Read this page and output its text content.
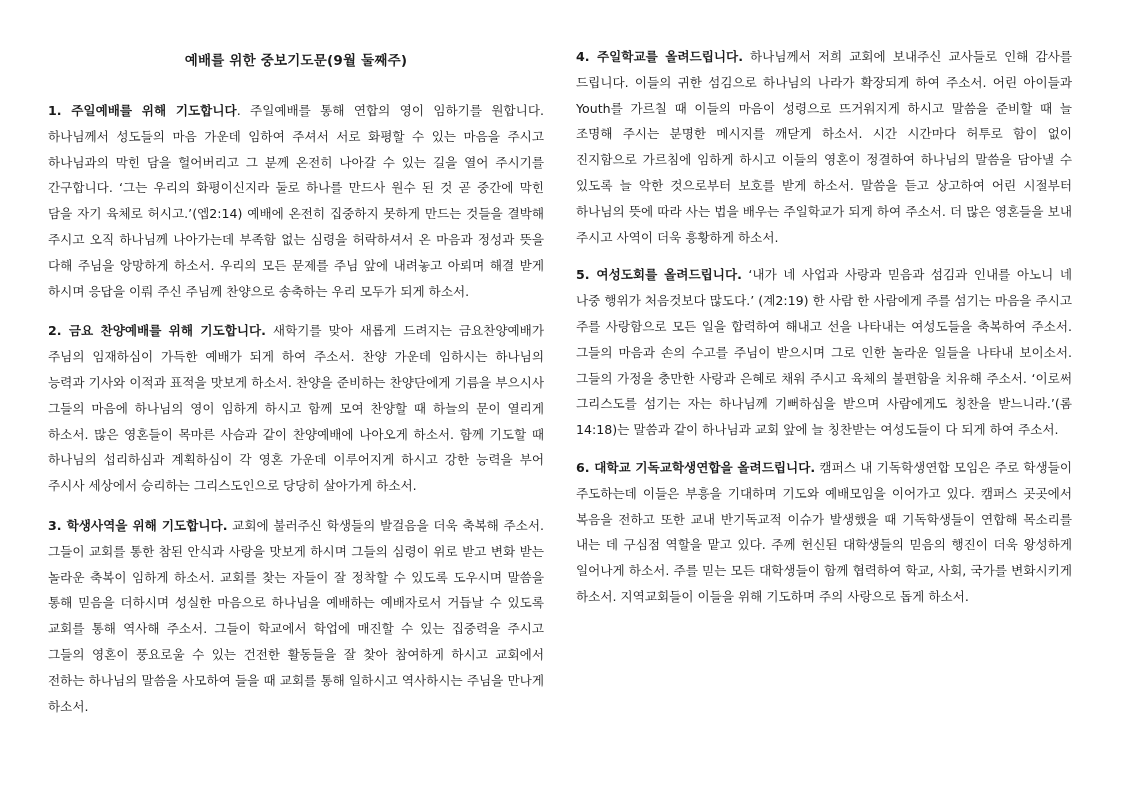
예배를 위한 중보기도문(9월 둘째주)

1. 주일예배를 위해 기도합니다. 주일예배를 통해 연합의 영이 임하기를 원합니다. 하나님께서 성도들의 마음 가운데 임하여 주셔서 서로 화평할 수 있는 마음을 주시고 하나님과의 막힌 담을 헐어버리고 그 분께 온전히 나아갈 수 있는 길을 열어 주시기를 간구합니다. ‘그는 우리의 화평이신지라 둘로 하나를 만드사 원수 된 것 곧 중간에 막힌 담을 자기 육체로 허시고.’(엡2:14) 예배에 온전히 집중하지 못하게 만드는 것들을 결박해 주시고 오직 하나님께 나아가는데 부족함 없는 심령을 허락하셔서 온 마음과 정성과 뜻을 다해 주님을 앙망하게 하소서. 우리의 모든 문제를 주님 앞에 내려놓고 아뢰며 해결 받게 하시며 응답을 이뤄 주신 주님께 찬양으로 송축하는 우리 모두가 되게 하소서.

2. 금요 찬양예배를 위해 기도합니다. 새학기를 맞아 새롭게 드려지는 금요찬양예배가 주님의 임재하심이 가득한 예배가 되게 하여 주소서. 찬양 가운데 임하시는 하나님의 능력과 기사와 이적과 표적을 맛보게 하소서. 찬양을 준비하는 찬양단에게 기름을 부으시사 그들의 마음에 하나님의 영이 임하게 하시고 함께 모여 찬양할 때 하늘의 문이 열리게 하소서. 많은 영혼들이 목마른 사슴과 같이 찬양예배에 나아오게 하소서. 함께 기도할 때 하나님의 섭리하심과 계획하심이 각 영혼 가운데 이루어지게 하시고 강한 능력을 부어 주시사 세상에서 승리하는 그리스도인으로 당당히 살아가게 하소서.

3. 학생사역을 위해 기도합니다. 교회에 불러주신 학생들의 발걸음을 더욱 축복해 주소서. 그들이 교회를 통한 참된 안식과 사랑을 맛보게 하시며 그들의 심령이 위로 받고 변화 받는 놀라운 축복이 임하게 하소서. 교회를 찾는 자들이 잘 정착할 수 있도록 도우시며 말씀을 통해 믿음을 더하시며 성실한 마음으로 하나님을 예배하는 예배자로서 거듭날 수 있도록 교회를 통해 역사해 주소서. 그들이 학교에서 학업에 매진할 수 있는 집중력을 주시고 그들의 영혼이 풍요로울 수 있는 건전한 활동들을 잘 찾아 참여하게 하시고 교회에서 전하는 하나님의 말씀을 사모하여 들을 때 교회를 통해 일하시고 역사하시는 주님을 만나게 하소서.

4. 주일학교를 올려드립니다. 하나님께서 저희 교회에 보내주신 교사들로 인해 감사를 드립니다. 이들의 귀한 섬김으로 하나님의 나라가 확장되게 하여 주소서. 어린 아이들과 Youth를 가르칠 때 이들의 마음이 성령으로 뜨거워지게 하시고 말씀을 준비할 때 늘 조명해 주시는 분명한 메시지를 깨닫게 하소서. 시간 시간마다 허투로 함이 없이 진지함으로 가르침에 임하게 하시고 이들의 영혼이 정결하여 하나님의 말씀을 담아낼 수 있도록 늘 악한 것으로부터 보호를 받게 하소서. 말씀을 듣고 상고하여 어린 시절부터 하나님의 뜻에 따라 사는 법을 배우는 주일학교가 되게 하여 주소서. 더 많은 영혼들을 보내 주시고 사역이 더욱 흥황하게 하소서.

5. 여성도회를 올려드립니다. ‘내가 네 사업과 사랑과 믿음과 섬김과 인내를 아노니 네 나중 행위가 처음것보다 많도다.’ (계2:19) 한 사람 한 사람에게 주를 섬기는 마음을 주시고 주를 사랑함으로 모든 일을 합력하여 해내고 선을 나타내는 여성도들을 축복하여 주소서. 그들의 마음과 손의 수고를 주님이 받으시며 그로 인한 놀라운 일들을 나타내 보이소서. 그들의 가정을 충만한 사랑과 은혜로 채워 주시고 육체의 불편함을 치유해 주소서. ‘이로써 그리스도를 섬기는 자는 하나님께 기뻐하심을 받으며 사람에게도 칭찬을 받느니라.’(롬 14:18)는 말씀과 같이 하나님과 교회 앞에 늘 칭찬받는 여성도들이 다 되게 하여 주소서.

6. 대학교 기독교학생연합을 올려드립니다. 캠퍼스 내 기독학생연합 모임은 주로 학생들이 주도하는데 이들은 부흥을 기대하며 기도와 예배모임을 이어가고 있다. 캠퍼스 곳곳에서 복음을 전하고 또한 교내 반기독교적 이슈가 발생했을 때 기독학생들이 연합해 목소리를 내는 데 구심점 역할을 맡고 있다. 주께 헌신된 대학생들의 믿음의 행진이 더욱 왕성하게 일어나게 하소서. 주를 믿는 모든 대학생들이 함께 협력하여 학교, 사회, 국가를 변화시키게 하소서. 지역교회들이 이들을 위해 기도하며 주의 사랑으로 돕게 하소서.
